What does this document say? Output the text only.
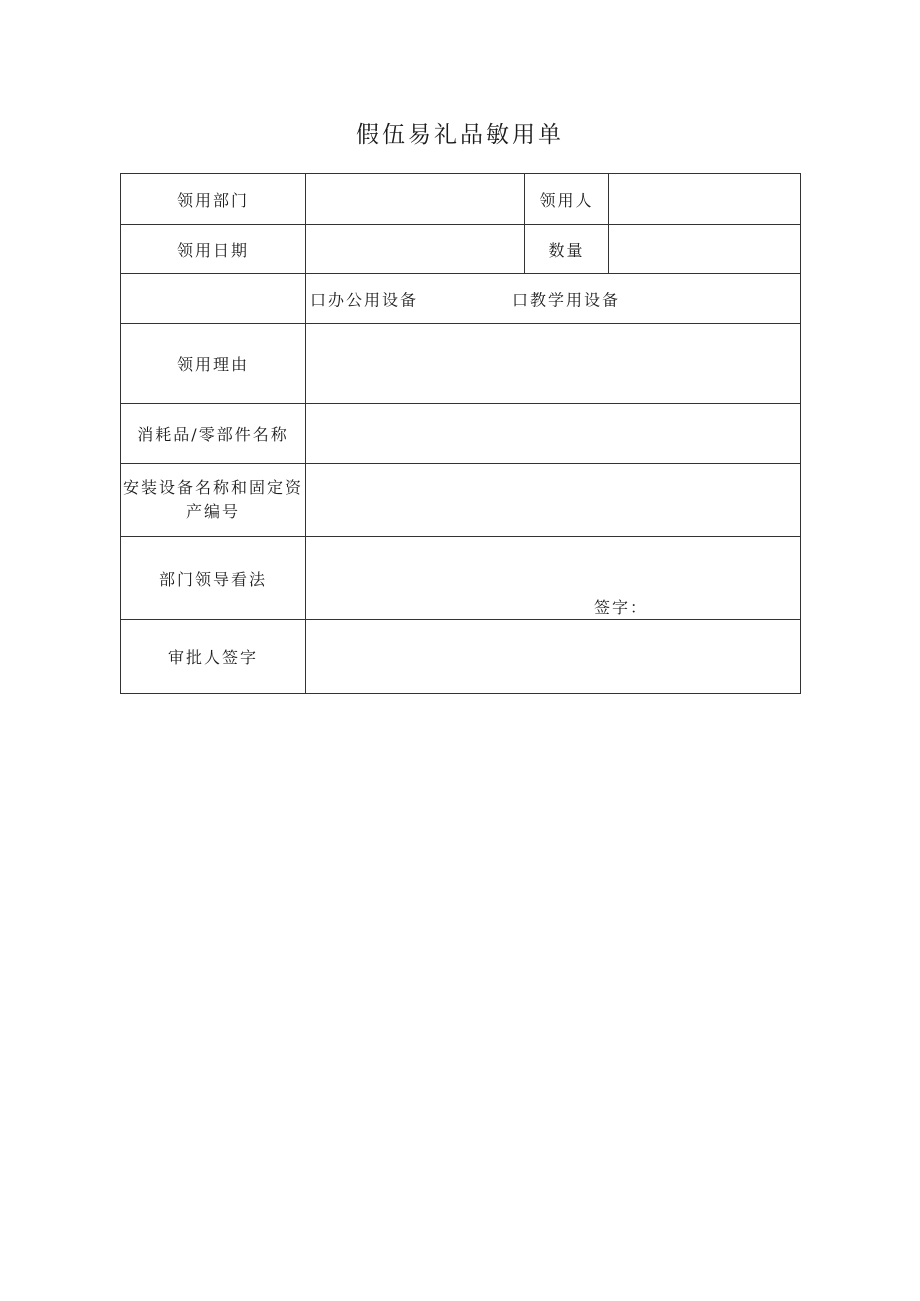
假伍易礼品敏用单
领用部门		领用人	
领用日期		数量	

	口办公用设备 口教学用设备		

领用理由			
消耗品/零部件名称			
安装设备名称和固定资产编号			
部门领导看法	签字：		

审批人签字			
